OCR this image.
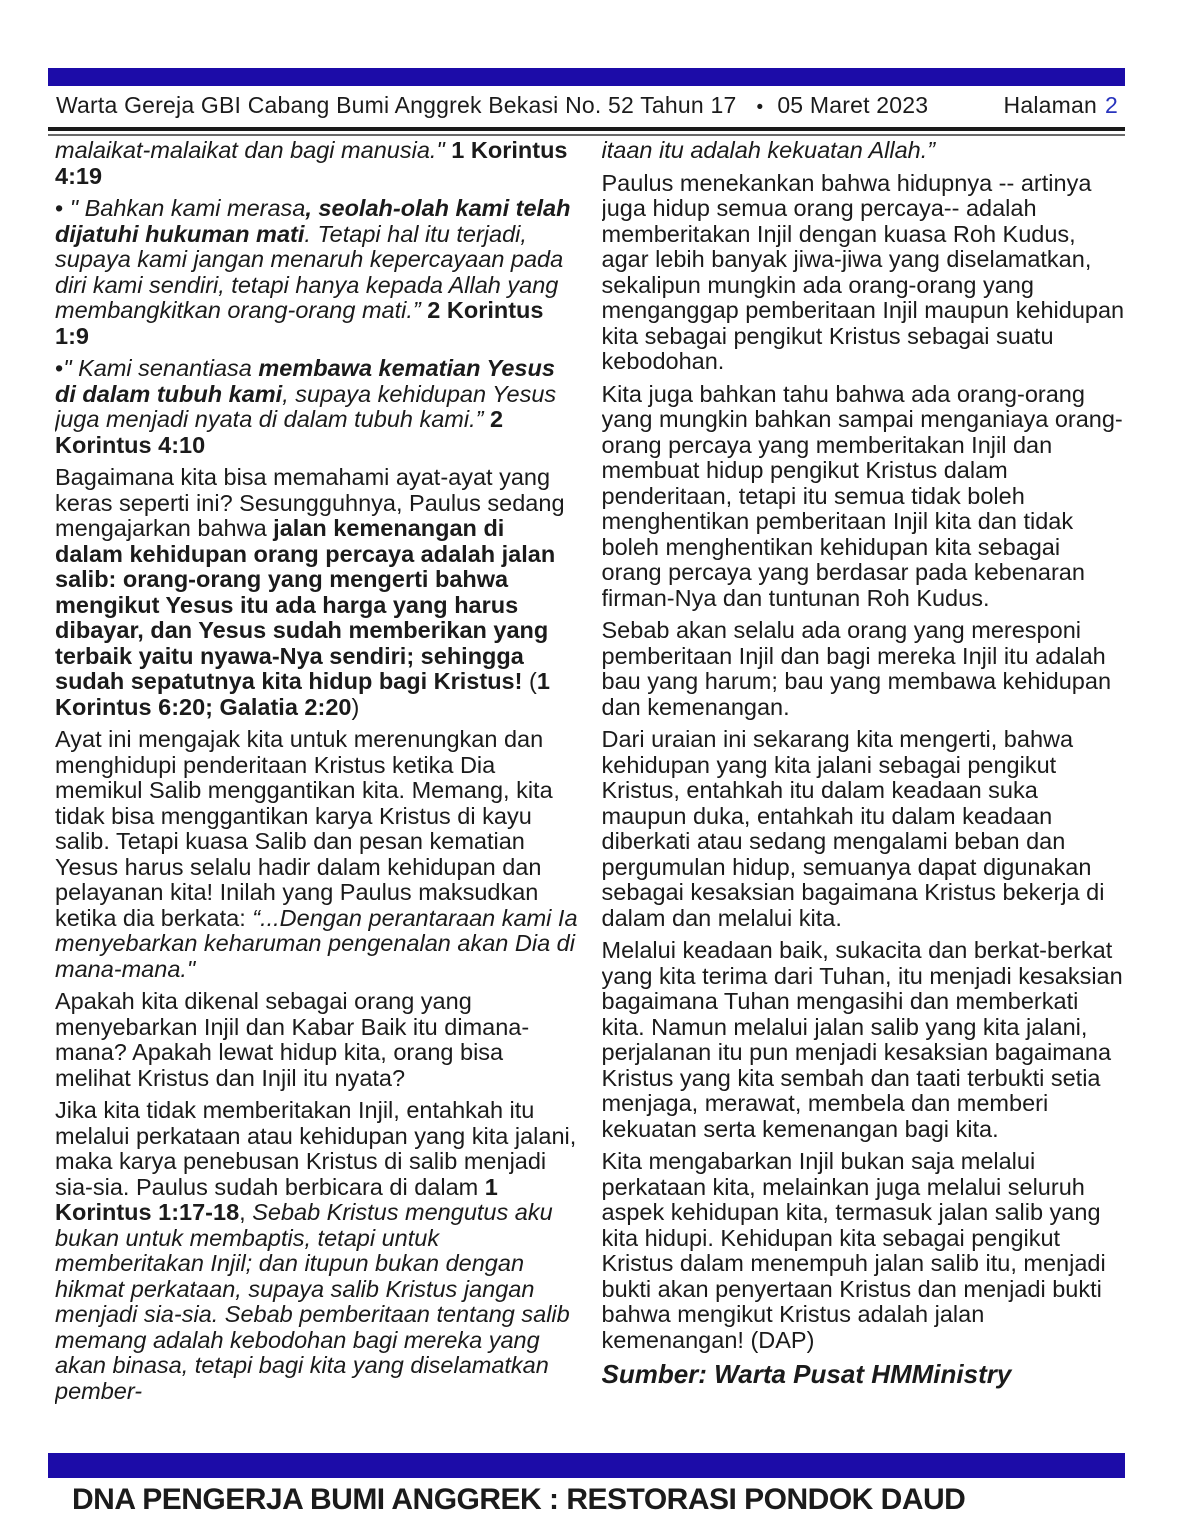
Warta Gereja GBI Cabang Bumi Anggrek Bekasi No. 52 Tahun 17 • 05 Maret 2023	Halaman 2

malaikat-malaikat dan bagi manusia." 1 Korintus 4:19

• " Bahkan kami merasa, seolah-olah kami telah dijatuhi hukuman mati. Tetapi hal itu terjadi, supaya kami jangan menaruh kepercayaan pada diri kami sendiri, tetapi hanya kepada Allah yang membangkitkan orang-orang mati.” 2 Korintus 1:9

•" Kami senantiasa membawa kematian Yesus di dalam tubuh kami, supaya kehidupan Yesus juga menjadi nyata di dalam tubuh kami.” 2 Korintus 4:10

Bagaimana kita bisa memahami ayat-ayat yang keras seperti ini? Sesungguhnya, Paulus sedang mengajarkan bahwa jalan kemenangan di dalam kehidupan orang percaya adalah jalan salib: orang-orang yang mengerti bahwa mengikut Yesus itu ada harga yang harus dibayar, dan Yesus sudah memberikan yang terbaik yaitu nyawa-Nya sendiri; sehingga sudah sepatutnya kita hidup bagi Kristus! (1 Korintus 6:20; Galatia 2:20)

Ayat ini mengajak kita untuk merenungkan dan menghidupi penderitaan Kristus ketika Dia memikul Salib menggantikan kita. Memang, kita tidak bisa menggantikan karya Kristus di kayu salib. Tetapi kuasa Salib dan pesan kematian Yesus harus selalu hadir dalam kehidupan dan pelayanan kita! Inilah yang Paulus maksudkan ketika dia berkata: “...Dengan perantaraan kami Ia menyebarkan keharuman pengenalan akan Dia di mana-mana."

Apakah kita dikenal sebagai orang yang menyebarkan Injil dan Kabar Baik itu dimana-mana? Apakah lewat hidup kita, orang bisa melihat Kristus dan Injil itu nyata?

Jika kita tidak memberitakan Injil, entahkah itu melalui perkataan atau kehidupan yang kita jalani, maka karya penebusan Kristus di salib menjadi sia-sia. Paulus sudah berbicara di dalam 1 Korintus 1:17-18, Sebab Kristus mengutus aku bukan untuk membaptis, tetapi untuk memberitakan Injil; dan itupun bukan dengan hikmat perkataan, supaya salib Kristus jangan menjadi sia-sia. Sebab pemberitaan tentang salib memang adalah kebodohan bagi mereka yang akan binasa, tetapi bagi kita yang diselamatkan pember-

itaan itu adalah kekuatan Allah.”

Paulus menekankan bahwa hidupnya -- artinya juga hidup semua orang percaya-- adalah memberitakan Injil dengan kuasa Roh Kudus, agar lebih banyak jiwa-jiwa yang diselamatkan, sekalipun mungkin ada orang-orang yang menganggap pemberitaan Injil maupun kehidupan kita sebagai pengikut Kristus sebagai suatu kebodohan.

Kita juga bahkan tahu bahwa ada orang-orang yang mungkin bahkan sampai menganiaya orang-orang percaya yang memberitakan Injil dan membuat hidup pengikut Kristus dalam penderitaan, tetapi itu semua tidak boleh menghentikan pemberitaan Injil kita dan tidak boleh menghentikan kehidupan kita sebagai orang percaya yang berdasar pada kebenaran firman-Nya dan tuntunan Roh Kudus.

Sebab akan selalu ada orang yang meresponi pemberitaan Injil dan bagi mereka Injil itu adalah bau yang harum; bau yang membawa kehidupan dan kemenangan.

Dari uraian ini sekarang kita mengerti, bahwa kehidupan yang kita jalani sebagai pengikut Kristus, entahkah itu dalam keadaan suka maupun duka, entahkah itu dalam keadaan diberkati atau sedang mengalami beban dan pergumulan hidup, semuanya dapat digunakan sebagai kesaksian bagaimana Kristus bekerja di dalam dan melalui kita.

Melalui keadaan baik, sukacita dan berkat-berkat yang kita terima dari Tuhan, itu menjadi kesaksian bagaimana Tuhan mengasihi dan memberkati kita. Namun melalui jalan salib yang kita jalani, perjalanan itu pun menjadi kesaksian bagaimana Kristus yang kita sembah dan taati terbukti setia menjaga, merawat, membela dan memberi kekuatan serta kemenangan bagi kita.

Kita mengabarkan Injil bukan saja melalui perkataan kita, melainkan juga melalui seluruh aspek kehidupan kita, termasuk jalan salib yang kita hidupi. Kehidupan kita sebagai pengikut Kristus dalam menempuh jalan salib itu, menjadi bukti akan penyertaan Kristus dan menjadi bukti bahwa mengikut Kristus adalah jalan kemenangan! (DAP)

Sumber: Warta Pusat HMMinistry

DNA PENGERJA BUMI ANGGREK : RESTORASI PONDOK DAUD
